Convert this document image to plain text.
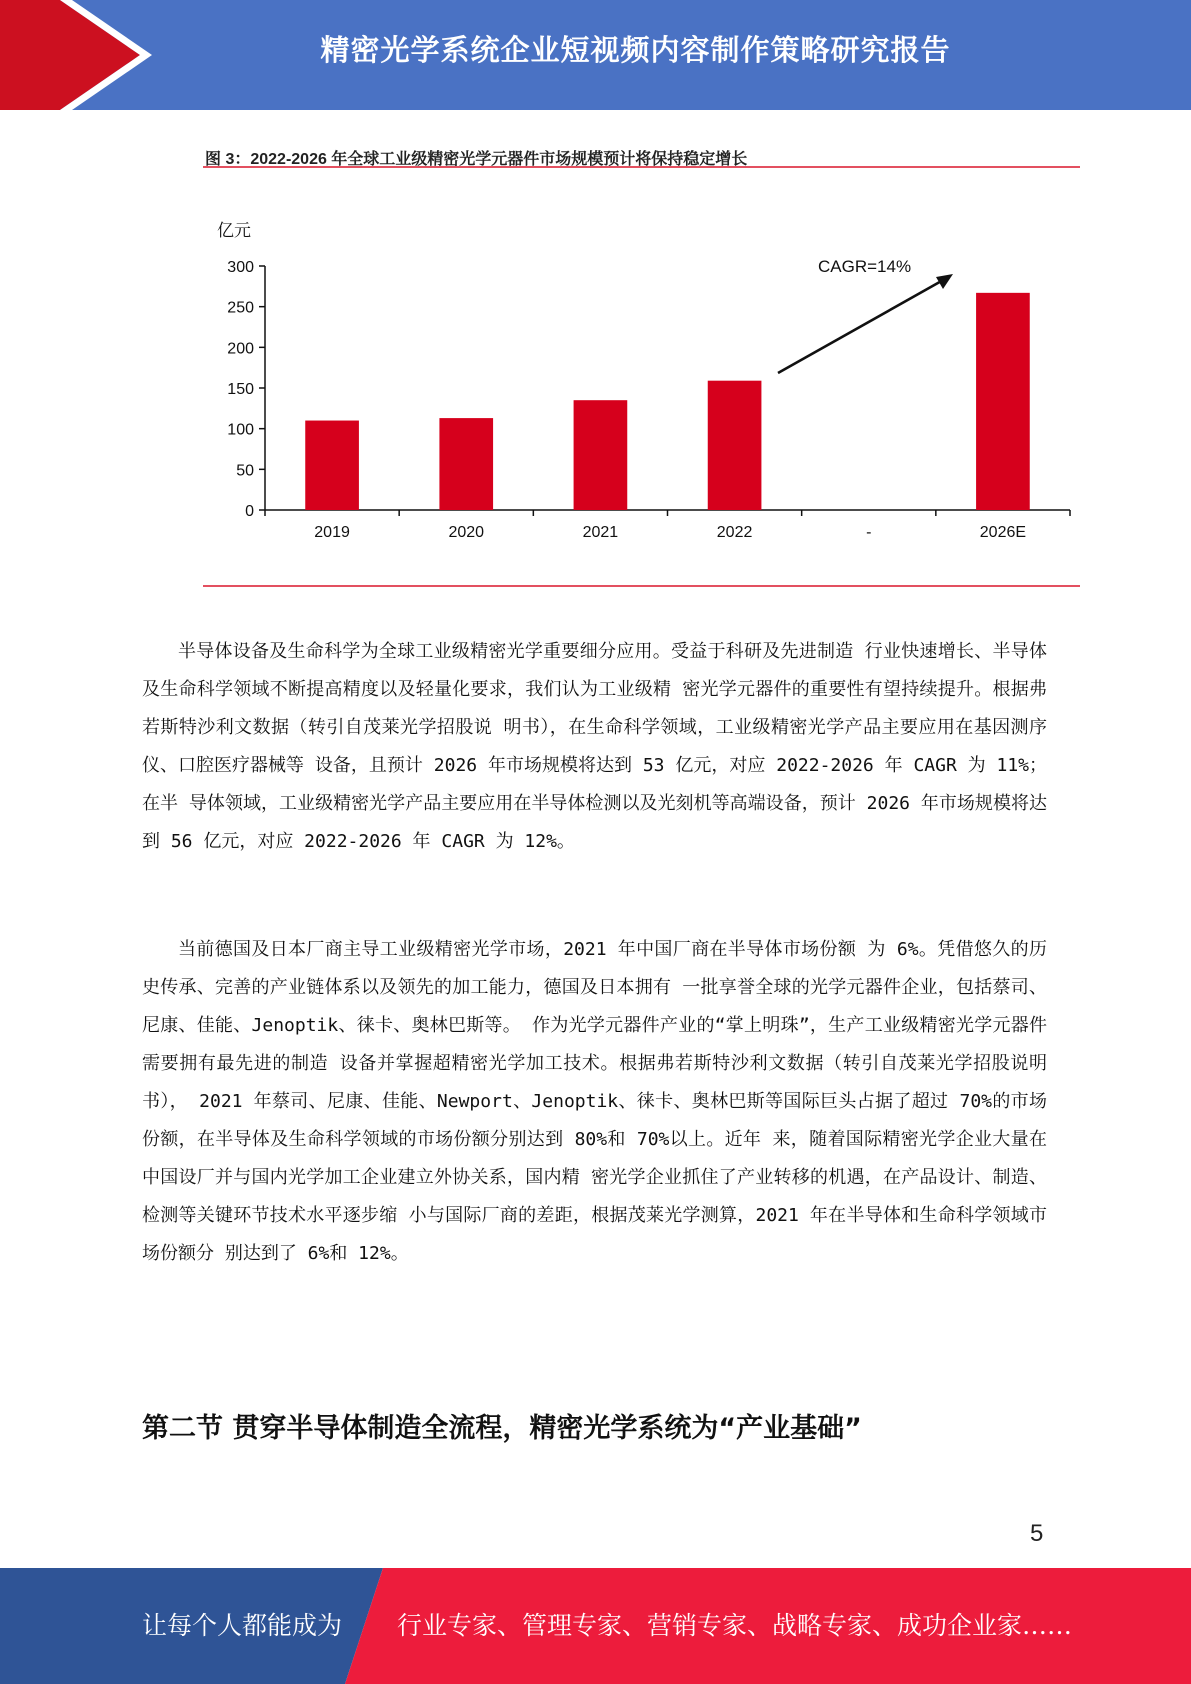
精密光学系统企业短视频内容制作策略研究报告
图 3：2022-2026 年全球工业级精密光学元器件市场规模预计将保持稳定增长
亿元
0
50
100
150
200
250
300
2019	2020	2021	2022	-	2026E
CAGR=14%

半导体设备及生命科学为全球工业级精密光学重要细分应用。受益于科研及先进制造 行业快速增长、半导体及生命科学领域不断提高精度以及轻量化要求，我们认为工业级精 密光学元器件的重要性有望持续提升。根据弗若斯特沙利文数据（转引自茂莱光学招股说 明书），在生命科学领域，工业级精密光学产品主要应用在基因测序仪、口腔医疗器械等 设备，且预计 2026 年市场规模将达到 53 亿元，对应 2022-2026 年 CAGR 为 11%；在半 导体领域，工业级精密光学产品主要应用在半导体检测以及光刻机等高端设备，预计 2026 年市场规模将达到 56 亿元，对应 2022-2026 年 CAGR 为 12%。

当前德国及日本厂商主导工业级精密光学市场，2021 年中国厂商在半导体市场份额 为 6%。凭借悠久的历史传承、完善的产业链体系以及领先的加工能力，德国及日本拥有 一批享誉全球的光学元器件企业，包括蔡司、尼康、佳能、Jenoptik、徕卡、奥林巴斯等。 作为光学元器件产业的“掌上明珠”，生产工业级精密光学元器件需要拥有最先进的制造 设备并掌握超精密光学加工技术。根据弗若斯特沙利文数据（转引自茂莱光学招股说明书）， 2021 年蔡司、尼康、佳能、Newport、Jenoptik、徕卡、奥林巴斯等国际巨头占据了超过 70%的市场份额，在半导体及生命科学领域的市场份额分别达到 80%和 70%以上。近年 来，随着国际精密光学企业大量在中国设厂并与国内光学加工企业建立外协关系，国内精 密光学企业抓住了产业转移的机遇，在产品设计、制造、检测等关键环节技术水平逐步缩 小与国际厂商的差距，根据茂莱光学测算，2021 年在半导体和生命科学领域市场份额分 别达到了 6%和 12%。

第二节 贯穿半导体制造全流程，精密光学系统为“产业基础”
5
让每个人都能成为 行业专家、管理专家、营销专家、战略专家、成功企业家……
